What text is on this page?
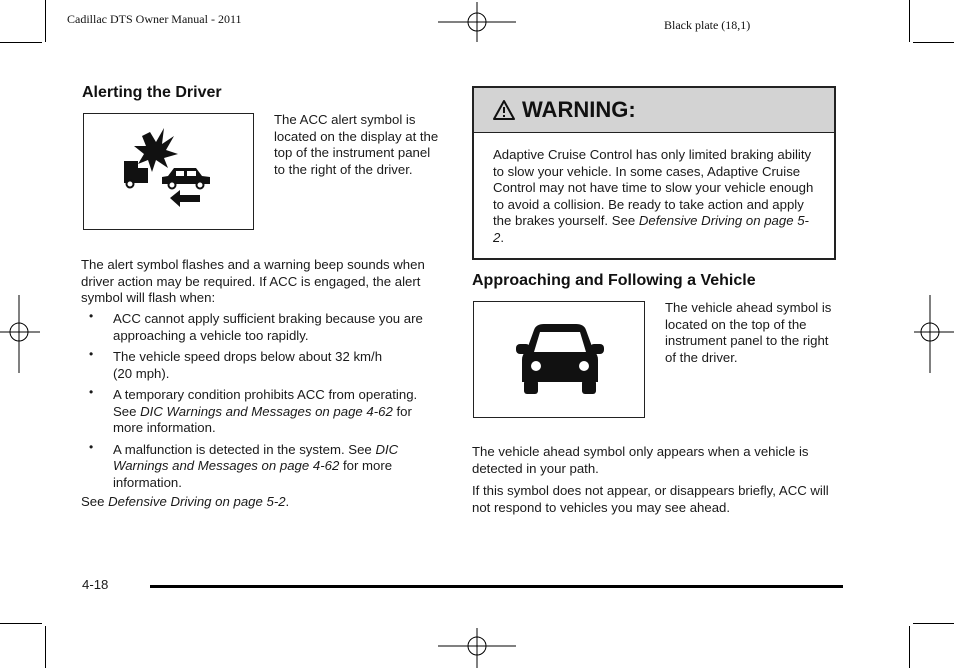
Cadillac DTS Owner Manual - 2011	Black plate (18,1)
Alerting the Driver
The ACC alert symbol is located on the display at the top of the instrument panel to the right of the driver.
The alert symbol flashes and a warning beep sounds when driver action may be required. If ACC is engaged, the alert symbol will flash when:
• ACC cannot apply sufficient braking because you are approaching a vehicle too rapidly.
• The vehicle speed drops below about 32 km/h
(20 mph).
• A temporary condition prohibits ACC from operating. See DIC Warnings and Messages on page 4-62 for more information.
• A malfunction is detected in the system. See DIC Warnings and Messages on page 4-62 for more information.
See Defensive Driving on page 5-2.
WARNING:
Adaptive Cruise Control has only limited braking ability to slow your vehicle. In some cases, Adaptive Cruise Control may not have time to slow your vehicle enough to avoid a collision. Be ready to take action and apply the brakes yourself. See Defensive Driving on page 5-2.
Approaching and Following a Vehicle
The vehicle ahead symbol is located on the top of the instrument panel to the right of the driver.
The vehicle ahead symbol only appears when a vehicle is detected in your path.
If this symbol does not appear, or disappears briefly, ACC will not respond to vehicles you may see ahead.
4-18
